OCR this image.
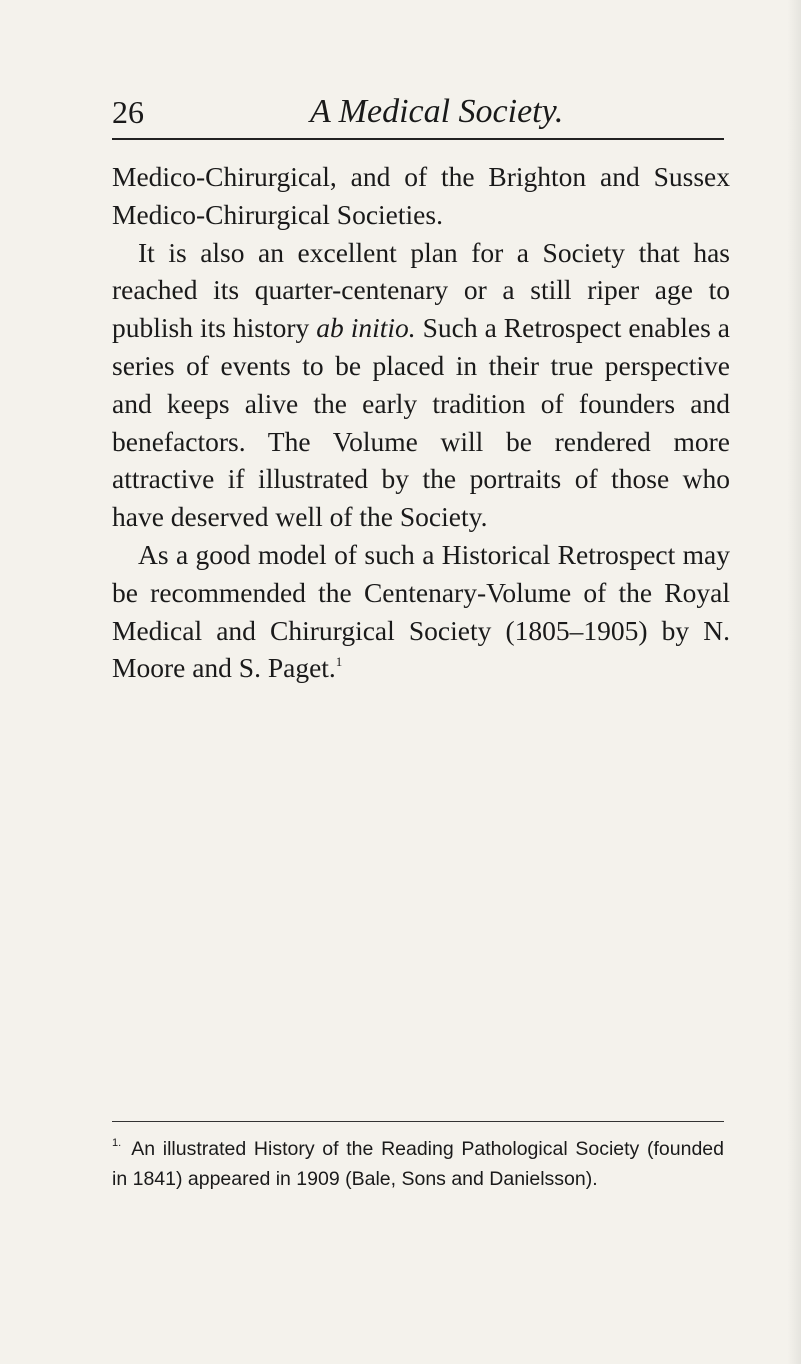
26	A Medical Society.

Medico-Chirurgical, and of the Brighton and Sussex Medico-Chirurgical Societies.

It is also an excellent plan for a Society that has reached its quarter-centenary or a still riper age to publish its history ab initio. Such a Retrospect enables a series of events to be placed in their true perspective and keeps alive the early tradition of founders and benefactors. The Volume will be rendered more attractive if illustrated by the portraits of those who have deserved well of the Society.

As a good model of such a Historical Retrospect may be recommended the Centenary-Volume of the Royal Medical and Chirurgical Society (1805–1905) by N. Moore and S. Paget.$^1$

$^{1.}$ An illustrated History of the Reading Pathological Society (founded in 1841) appeared in 1909 (Bale, Sons and Danielsson).
